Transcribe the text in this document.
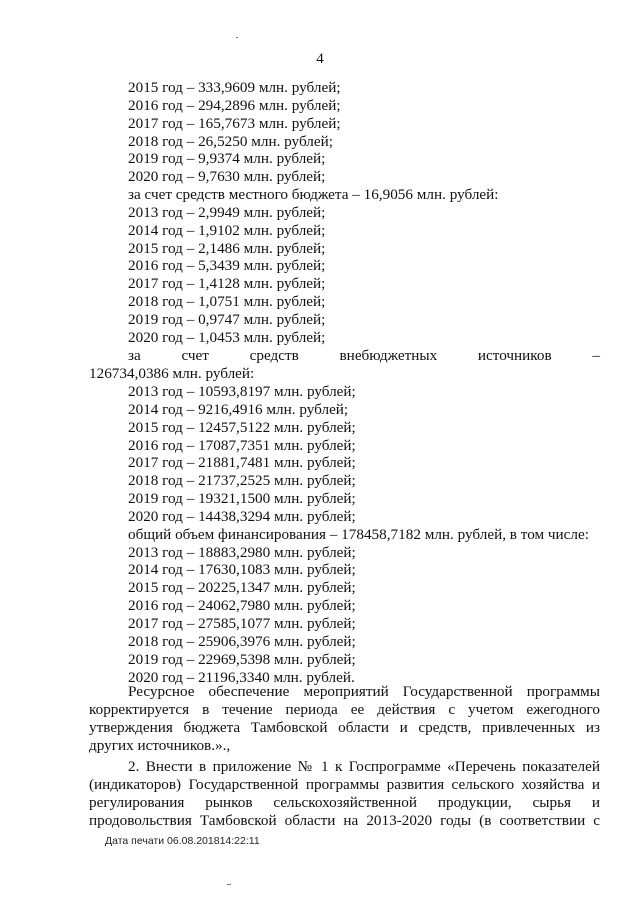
4
2015 год – 333,9609 млн. рублей;
2016 год – 294,2896 млн. рублей;
2017 год – 165,7673 млн. рублей;
2018 год – 26,5250 млн. рублей;
2019 год – 9,9374 млн. рублей;
2020 год – 9,7630 млн. рублей;
за счет средств местного бюджета – 16,9056 млн. рублей:
2013 год – 2,9949 млн. рублей;
2014 год – 1,9102 млн. рублей;
2015 год – 2,1486 млн. рублей;
2016 год – 5,3439 млн. рублей;
2017 год – 1,4128 млн. рублей;
2018 год – 1,0751 млн. рублей;
2019 год – 0,9747 млн. рублей;
2020 год – 1,0453 млн. рублей;
за	счет	средств	внебюджетных	источников	–
126734,0386 млн. рублей:
2013 год – 10593,8197 млн. рублей;
2014 год – 9216,4916 млн. рублей;
2015 год – 12457,5122 млн. рублей;
2016 год – 17087,7351 млн. рублей;
2017 год – 21881,7481 млн. рублей;
2018 год – 21737,2525 млн. рублей;
2019 год – 19321,1500 млн. рублей;
2020 год – 14438,3294 млн. рублей;
общий объем финансирования – 178458,7182 млн. рублей, в том числе:
2013 год – 18883,2980 млн. рублей;
2014 год – 17630,1083 млн. рублей;
2015 год – 20225,1347 млн. рублей;
2016 год – 24062,7980 млн. рублей;
2017 год – 27585,1077 млн. рублей;
2018 год – 25906,3976 млн. рублей;
2019 год – 22969,5398 млн. рублей;
2020 год – 21196,3340 млн. рублей.
Ресурсное обеспечение мероприятий Государственной программы
корректируется в течение периода ее действия с учетом ежегодного
утверждения бюджета Тамбовской области и средств, привлеченных из
других источников.».,
2. Внести в приложение № 1 к Госпрограмме «Перечень показателей
(индикаторов) Государственной программы развития сельского хозяйства и
регулирования рынков сельскохозяйственной продукции, сырья и
продовольствия Тамбовской области на 2013-2020 годы (в соответствии с
Дата печати 06.08.201814:22:11
